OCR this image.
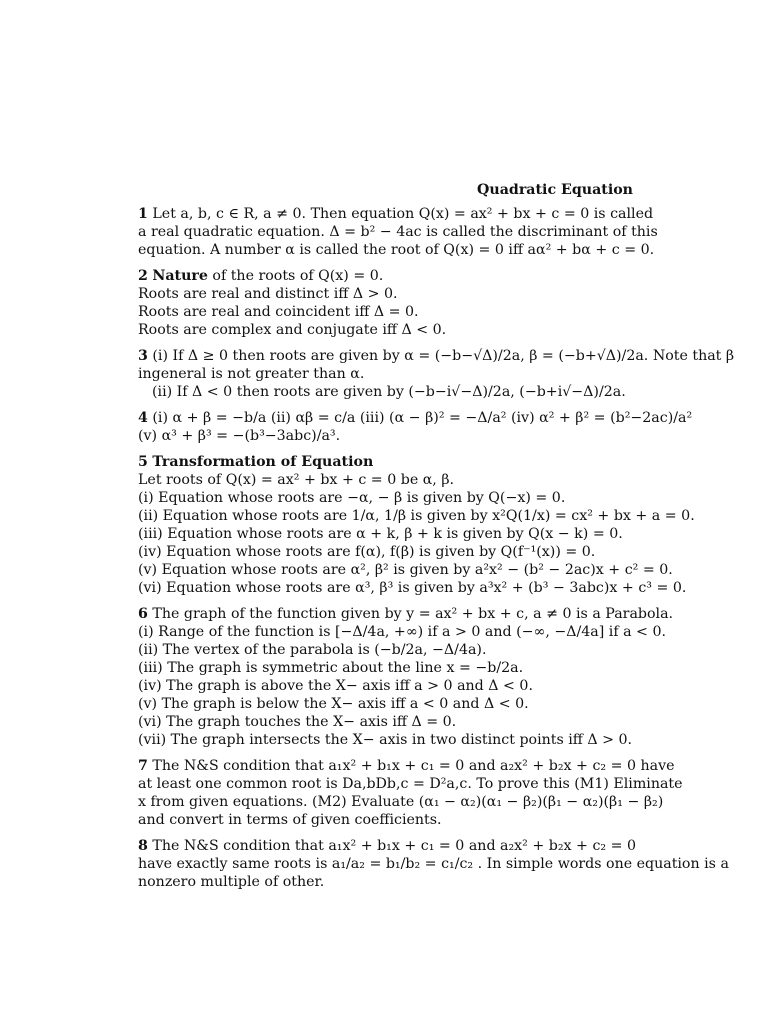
Quadratic Equation
1 Let a, b, c ∈ R, a ≠ 0. Then equation Q(x) = ax² + bx + c = 0 is called
a real quadratic equation. Δ = b² − 4ac is called the discriminant of this
equation. A number α is called the root of Q(x) = 0 iff aα² + bα + c = 0.
2 Nature of the roots of Q(x) = 0.
Roots are real and distinct iff Δ > 0.
Roots are real and coincident iff Δ = 0.
Roots are complex and conjugate iff Δ < 0.
3 (i) If Δ ≥ 0 then roots are given by α = (−b−√Δ)/2a, β = (−b+√Δ)/2a. Note that β
ingeneral is not greater than α.
(ii) If Δ < 0 then roots are given by (−b−i√−Δ)/2a, (−b+i√−Δ)/2a.
4 (i) α + β = −b/a (ii) αβ = c/a (iii) (α − β)² = −Δ/a² (iv) α² + β² = (b²−2ac)/a²
(v) α³ + β³ = −(b³−3abc)/a³.
5 Transformation of Equation
Let roots of Q(x) = ax² + bx + c = 0 be α, β.
(i) Equation whose roots are −α, − β is given by Q(−x) = 0.
(ii) Equation whose roots are 1/α, 1/β is given by x²Q(1/x) = cx² + bx + a = 0.
(iii) Equation whose roots are α + k, β + k is given by Q(x − k) = 0.
(iv) Equation whose roots are f(α), f(β) is given by Q(f⁻¹(x)) = 0.
(v) Equation whose roots are α², β² is given by a²x² − (b² − 2ac)x + c² = 0.
(vi) Equation whose roots are α³, β³ is given by a³x² + (b³ − 3abc)x + c³ = 0.
6 The graph of the function given by y = ax² + bx + c, a ≠ 0 is a Parabola.
(i) Range of the function is [−Δ/4a, +∞) if a > 0 and (−∞, −Δ/4a] if a < 0.
(ii) The vertex of the parabola is (−b/2a, −Δ/4a).
(iii) The graph is symmetric about the line x = −b/2a.
(iv) The graph is above the X− axis iff a > 0 and Δ < 0.
(v) The graph is below the X− axis iff a < 0 and Δ < 0.
(vi) The graph touches the X− axis iff Δ = 0.
(vii) The graph intersects the X− axis in two distinct points iff Δ > 0.
7 The N&S condition that a₁x² + b₁x + c₁ = 0 and a₂x² + b₂x + c₂ = 0 have
at least one common root is Da,bDb,c = D²a,c. To prove this (M1) Eliminate
x from given equations. (M2) Evaluate (α₁ − α₂)(α₁ − β₂)(β₁ − α₂)(β₁ − β₂)
and convert in terms of given coefficients.
8 The N&S condition that a₁x² + b₁x + c₁ = 0 and a₂x² + b₂x + c₂ = 0
have exactly same roots is a₁/a₂ = b₁/b₂ = c₁/c₂ . In simple words one equation is a
nonzero multiple of other.
